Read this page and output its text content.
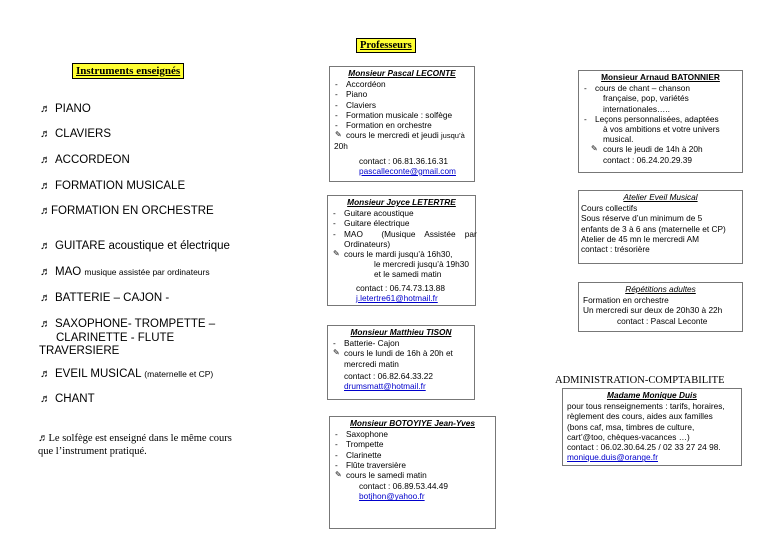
Instruments enseignés
♬ PIANO
♬ CLAVIERS
♬ ACCORDEON
♬ FORMATION MUSICALE
♬FORMATION EN ORCHESTRE
♬ GUITARE acoustique et électrique
♬ MAO musique assistée par ordinateurs
♬ BATTERIE – CAJON -
♬ SAXOPHONE- TROMPETTE –
CLARINETTE - FLUTE
TRAVERSIERE
♬ EVEIL MUSICAL (maternelle et CP)
♬ CHANT
♬Le solfège est enseigné dans le même cours
que l’instrument pratiqué.
Professeurs
Monsieur Pascal LECONTE
- Accordéon
- Piano
- Claviers
- Formation musicale : solfège
- Formation en orchestre
✎ cours le mercredi et jeudi jusqu’à
20h
contact : 06.81.36.16.31
pascalleconte@gmail.com
Monsieur Joyce LETERTRE
- Guitare acoustique
- Guitare électrique
- MAO        (Musique    Assistée    par
Ordinateurs)
✎ cours le mardi jusqu’à 16h30,
le mercredi jusqu’à 19h30
et le samedi matin
contact : 06.74.73.13.88
j.letertre61@hotmail.fr
Monsieur Matthieu TISON
- Batterie- Cajon
✎ cours le lundi de 16h à 20h et
mercredi matin
contact : 06.82.64.33.22
drumsmatt@hotmail.fr
Monsieur BOTOYIYE Jean-Yves
- Saxophone
- Trompette
- Clarinette
- Flûte traversière
✎ cours le samedi matin
contact : 06.89.53.44.49
botjhon@yahoo.fr
Monsieur Arnaud BATONNIER
- cours de chant – chanson
française, pop, variétés
internationales…..
- Leçons personnalisées, adaptées
à vos ambitions et votre univers
musical.
✎ cours le jeudi de 14h à 20h
contact : 06.24.20.29.39
Atelier Eveil Musical
Cours collectifs
Sous réserve d’un minimum de 5
enfants de 3 à 6 ans (maternelle et CP)
Atelier de 45 mn le mercredi AM
contact : trésorière
Répétitions adultes
Formation en orchestre
Un mercredi sur deux de 20h30 à 22h
contact : Pascal Leconte
ADMINISTRATION-COMPTABILITE
Madame Monique Duis
pour tous renseignements : tarifs, horaires,
règlement des cours, aides aux familles
(bons caf, msa, timbres de culture,
cart’@too, chèques-vacances …)
contact : 06.02.30.64.25 / 02 33 27 24 98.
monique.duis@orange.fr
